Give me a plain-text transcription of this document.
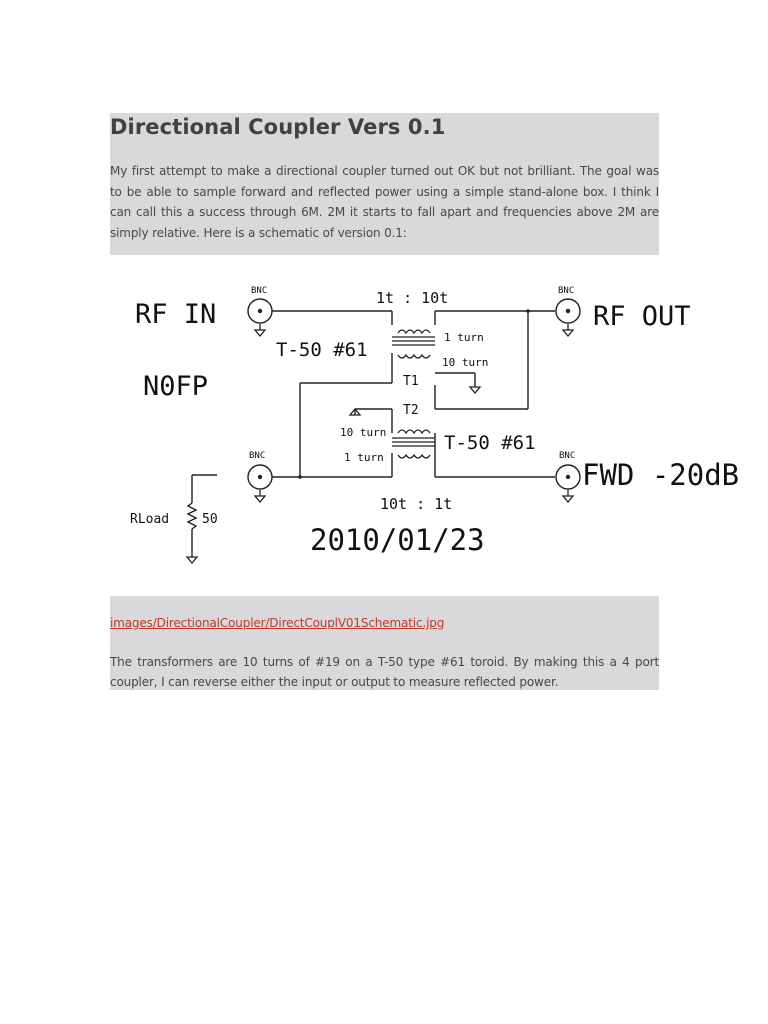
Directional Coupler Vers 0.1

My first attempt to make a directional coupler turned out OK but not brilliant. The goal was to be able to sample forward and reflected power using a simple stand-alone box. I think I can call this a success through 6M. 2M it starts to fall apart and frequencies above 2M are simply relative. Here is a schematic of version 0.1:

RF IN	RF OUT
N0FP
FWD -20dB
2010/01/23
1t : 10t
10t : 1t
T-50 #61
T-50 #61
T1
T2
1 turn
10 turn
10 turn
1 turn
BNC	BNC
BNC	BNC
RLoad	50
images/DirectionalCoupler/DirectCouplV01Schematic.jpg

The transformers are 10 turns of #19 on a T-50 type #61 toroid. By making this a 4 port coupler, I can reverse either the input or output to measure reflected power.
